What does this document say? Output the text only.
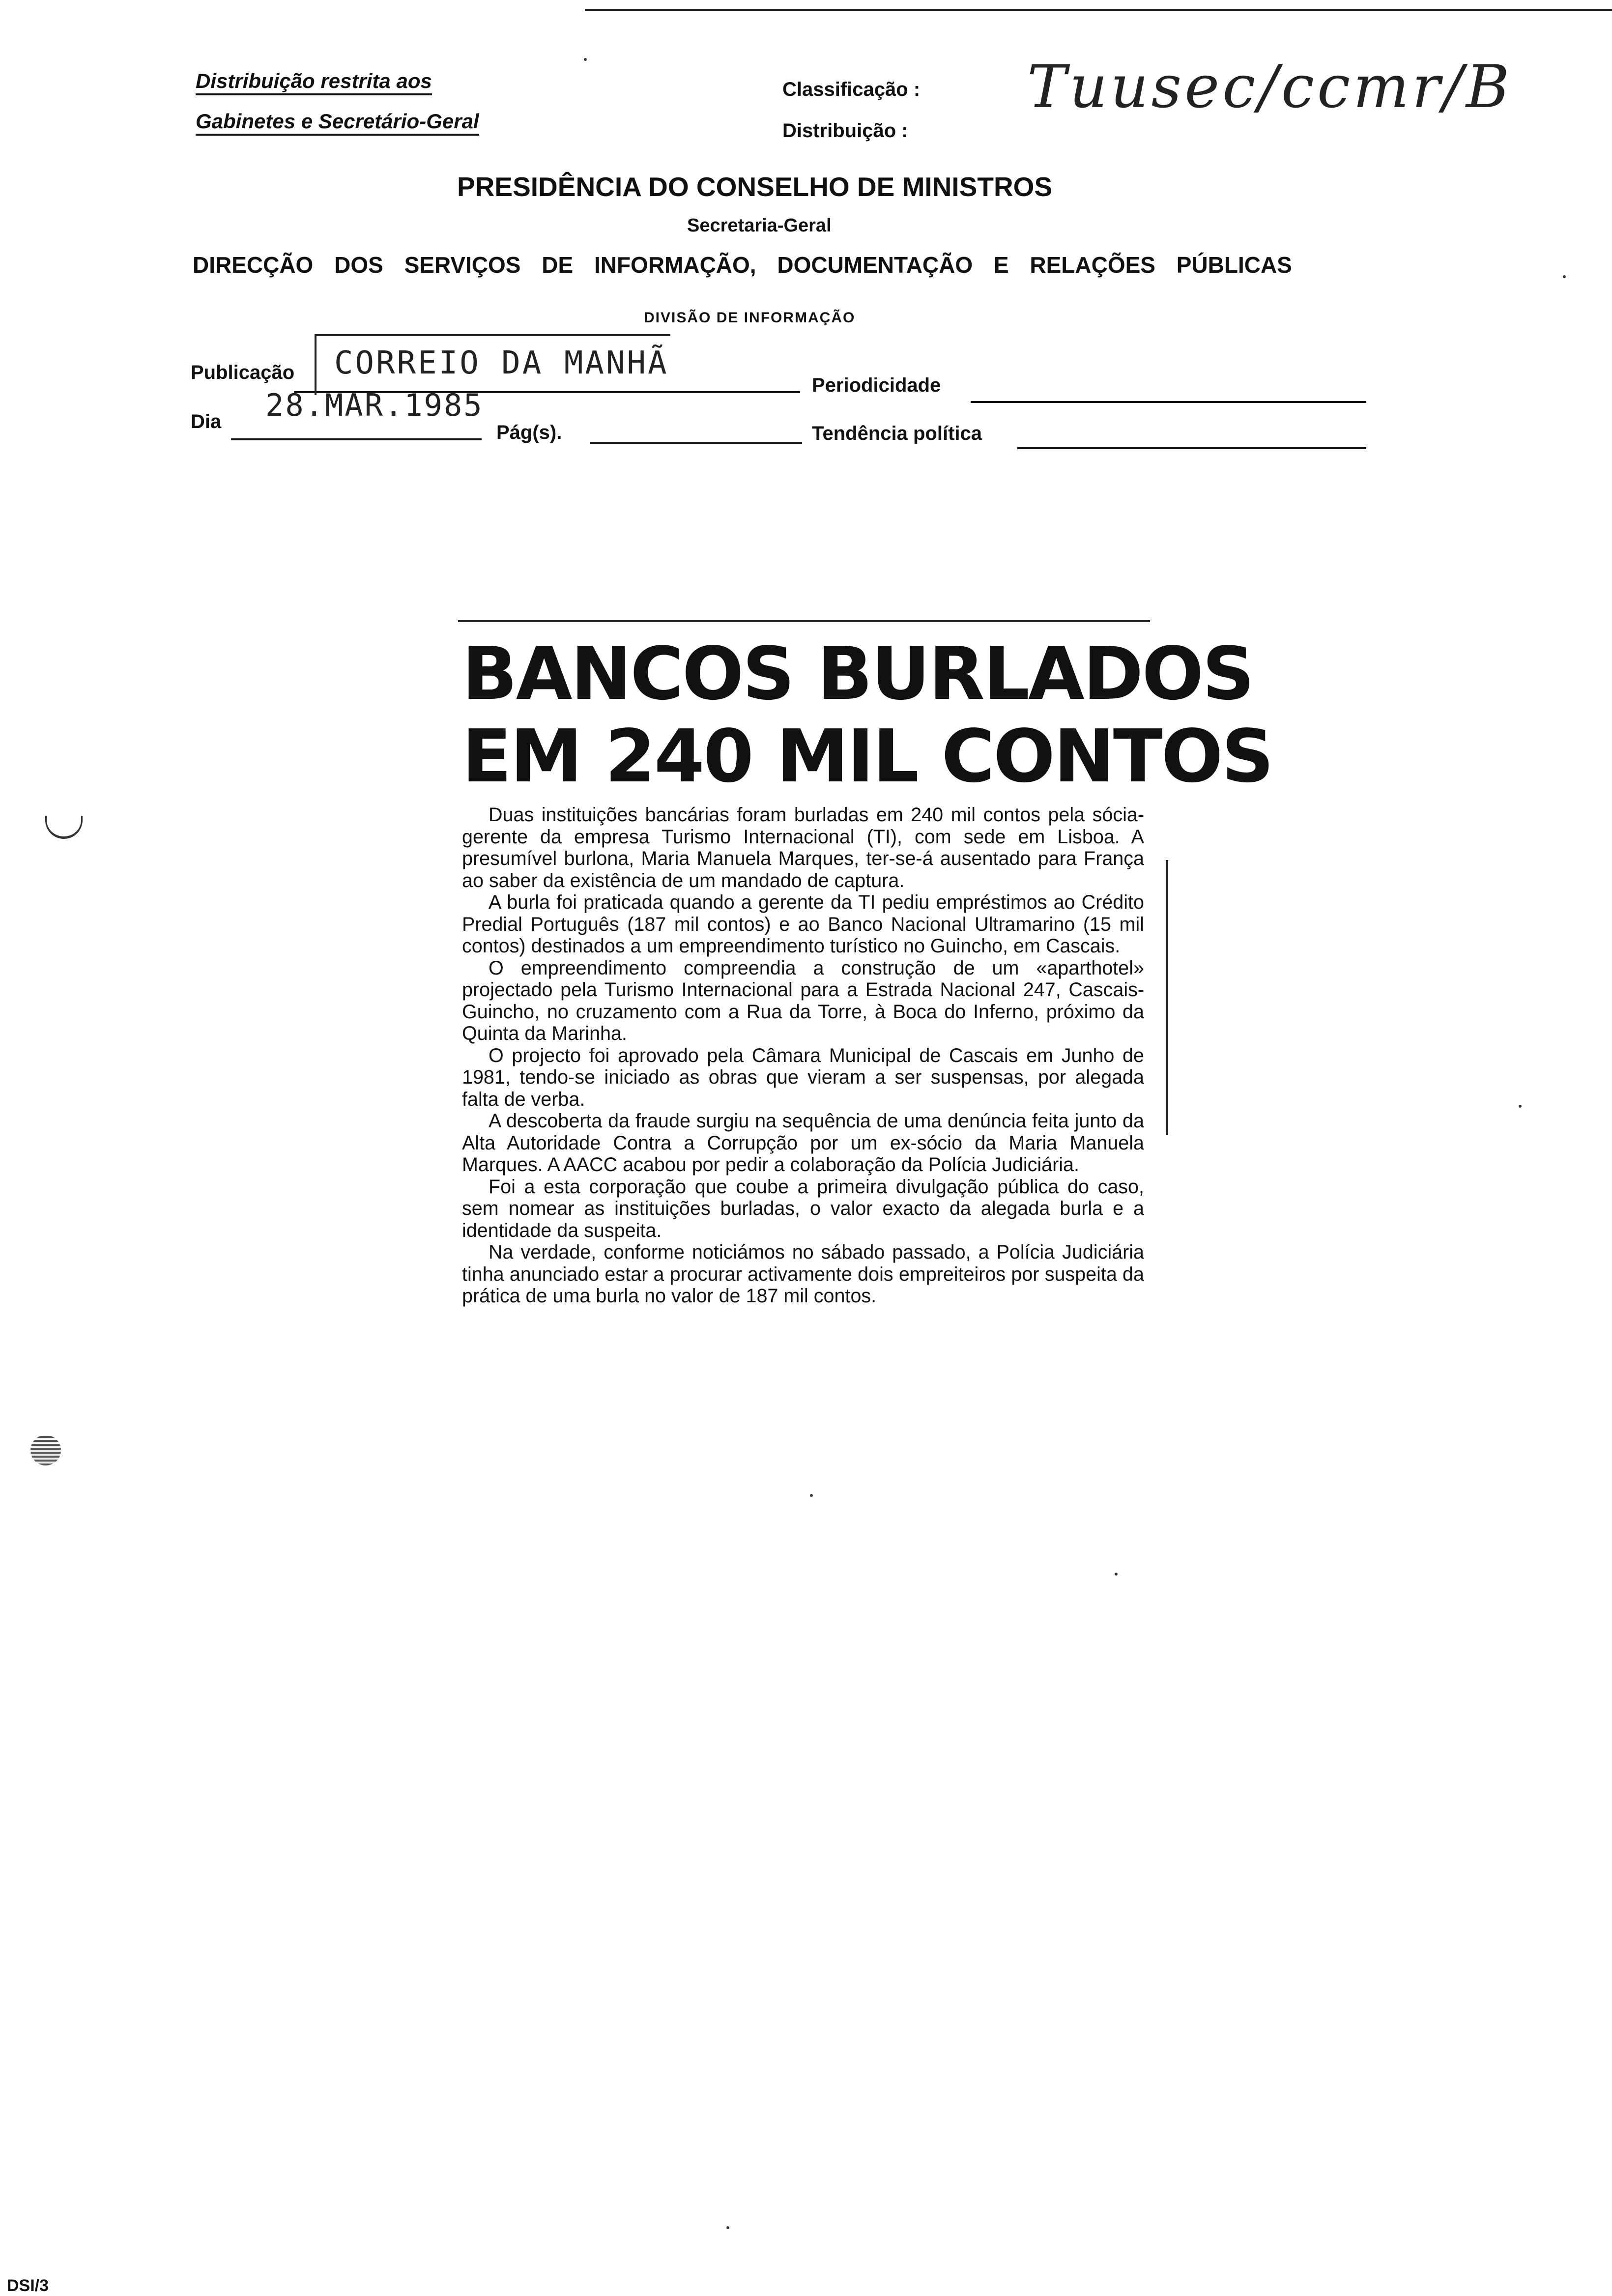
Distribuição restrita aos
Gabinetes e Secretário-Geral
Classificação :
Distribuição :
Tuusec/ccmr/B
PRESIDÊNCIA DO CONSELHO DE MINISTROS
Secretaria-Geral
DIRECÇÃO DOS SERVIÇOS DE INFORMAÇÃO, DOCUMENTAÇÃO E RELAÇÕES PÚBLICAS
DIVISÃO DE INFORMAÇÃO
Publicação CORREIO DA MANHÃ
Periodicidade
Dia 28.MAR.1985
Pág(s).	Tendência política
BANCOS BURLADOS
EM 240 MIL CONTOS

Duas instituições bancárias foram burladas em 240 mil contos pela sócia-gerente da empresa Turismo Internacional (TI), com sede em Lisboa. A presumível burlona, Maria Manuela Marques, ter-se-á ausentado para França ao saber da existência de um mandado de captura.

A burla foi praticada quando a gerente da TI pediu empréstimos ao Crédito Predial Português (187 mil contos) e ao Banco Nacional Ultramarino (15 mil contos) destinados a um empreendimento turístico no Guincho, em Cascais.

O empreendimento compreendia a construção de um «aparthotel» projectado pela Turismo Internacional para a Estrada Nacional 247, Cascais-Guincho, no cruzamento com a Rua da Torre, à Boca do Inferno, próximo da Quinta da Marinha.

O projecto foi aprovado pela Câmara Municipal de Cascais em Junho de 1981, tendo-se iniciado as obras que vieram a ser suspensas, por alegada falta de verba.

A descoberta da fraude surgiu na sequência de uma denúncia feita junto da Alta Autoridade Contra a Corrupção por um ex-sócio da Maria Manuela Marques. A AACC acabou por pedir a colaboração da Polícia Judiciária.

Foi a esta corporação que coube a primeira divulgação pública do caso, sem nomear as instituições burladas, o valor exacto da alegada burla e a identidade da suspeita.

Na verdade, conforme noticiámos no sábado passado, a Polícia Judiciária tinha anunciado estar a procurar activamente dois empreiteiros por suspeita da prática de uma burla no valor de 187 mil contos.

DSI/3
